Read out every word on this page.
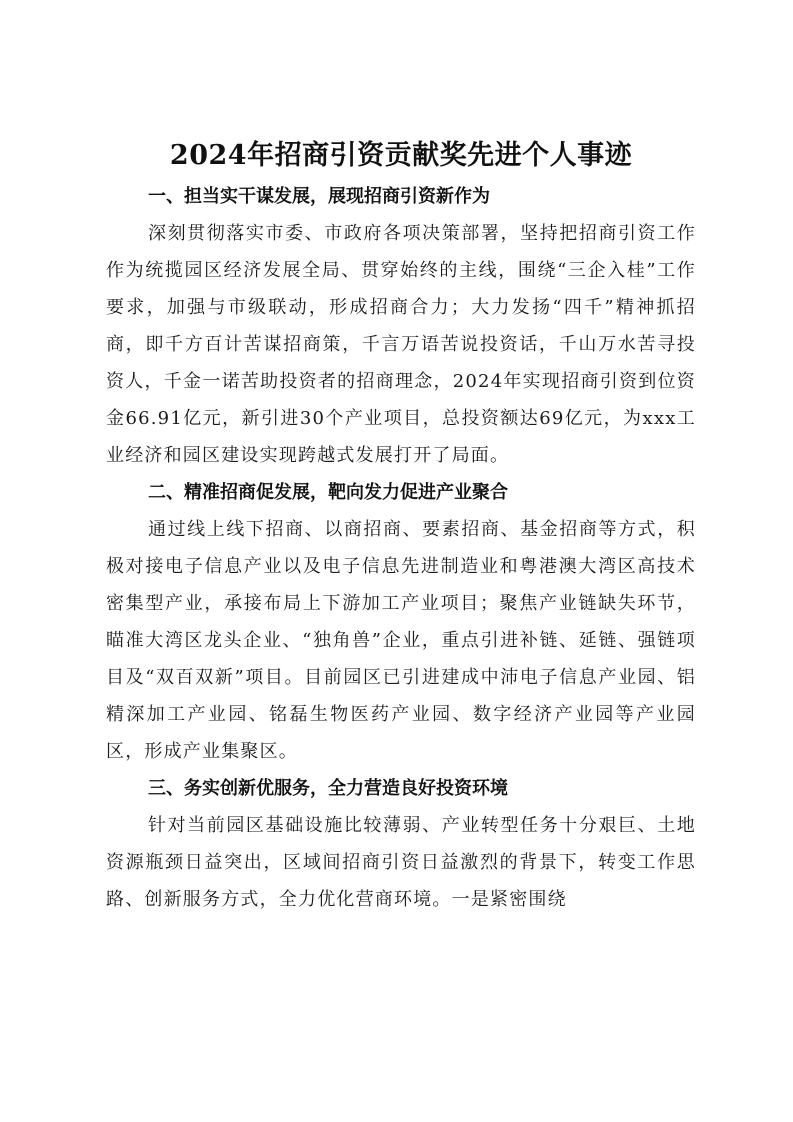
2024年招商引资贡献奖先进个人事迹
一、担当实干谋发展，展现招商引资新作为

深刻贯彻落实市委、市政府各项决策部署，坚持把招商引资工作作为统揽园区经济发展全局、贯穿始终的主线，围绕“三企入桂”工作要求，加强与市级联动，形成招商合力；大力发扬“四千”精神抓招商，即千方百计苦谋招商策，千言万语苦说投资话，千山万水苦寻投资人，千金一诺苦助投资者的招商理念，2024年实现招商引资到位资金66.91亿元，新引进30个产业项目，总投资额达69亿元，为xxx工业经济和园区建设实现跨越式发展打开了局面。

二、精准招商促发展，靶向发力促进产业聚合

通过线上线下招商、以商招商、要素招商、基金招商等方式，积极对接电子信息产业以及电子信息先进制造业和粤港澳大湾区高技术密集型产业，承接布局上下游加工产业项目；聚焦产业链缺失环节，瞄准大湾区龙头企业、“独角兽”企业，重点引进补链、延链、强链项目及“双百双新”项目。目前园区已引进建成中沛电子信息产业园、铝精深加工产业园、铭磊生物医药产业园、数字经济产业园等产业园区，形成产业集聚区。

三、务实创新优服务，全力营造良好投资环境

针对当前园区基础设施比较薄弱、产业转型任务十分艰巨、土地资源瓶颈日益突出，区域间招商引资日益激烈的背景下，转变工作思路、创新服务方式，全力优化营商环境。一是紧密围绕
